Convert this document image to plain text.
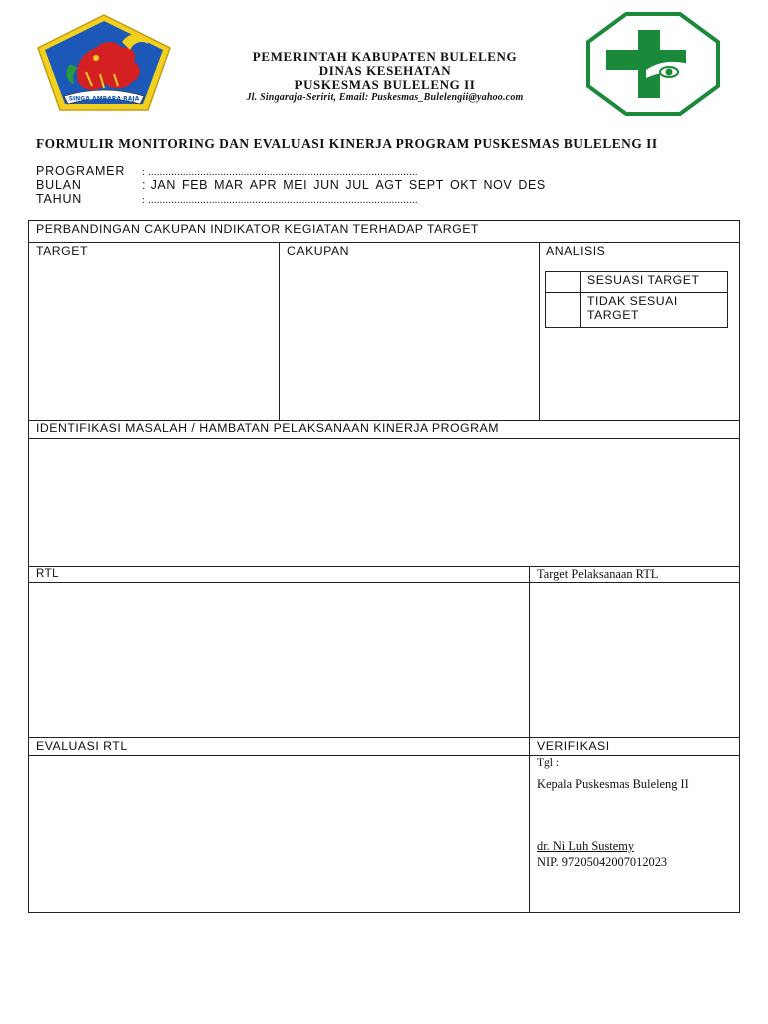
SINGA AMBARA RAJA
PEMERINTAH KABUPATEN BULELENG
DINAS KESEHATAN
PUSKESMAS BULELENG II
Jl. Singaraja-Seririt, Email: Puskesmas_Bulelengii@yahoo.com
FORMULIR MONITORING DAN EVALUASI KINERJA PROGRAM PUSKESMAS BULELENG II
PROGRAMER : .............................................................................................
BULAN	: JAN FEB MAR APR MEI JUN JUL AGT SEPT OKT NOV DES
TAHUN	: .............................................................................................
PERBANDINGAN CAKUPAN INDIKATOR KEGIATAN TERHADAP TARGET
TARGET	CAKUPAN	ANALISIS
SESUASI TARGET
TIDAK SESUAI
TARGET
IDENTIFIKASI MASALAH / HAMBATAN PELAKSANAAN KINERJA PROGRAM
RTL	Target Pelaksanaan RTL
EVALUASI RTL	VERIFIKASI
Tgl :
Kepala Puskesmas Buleleng II
dr. Ni Luh Sustemy
NIP. 97205042007012023
